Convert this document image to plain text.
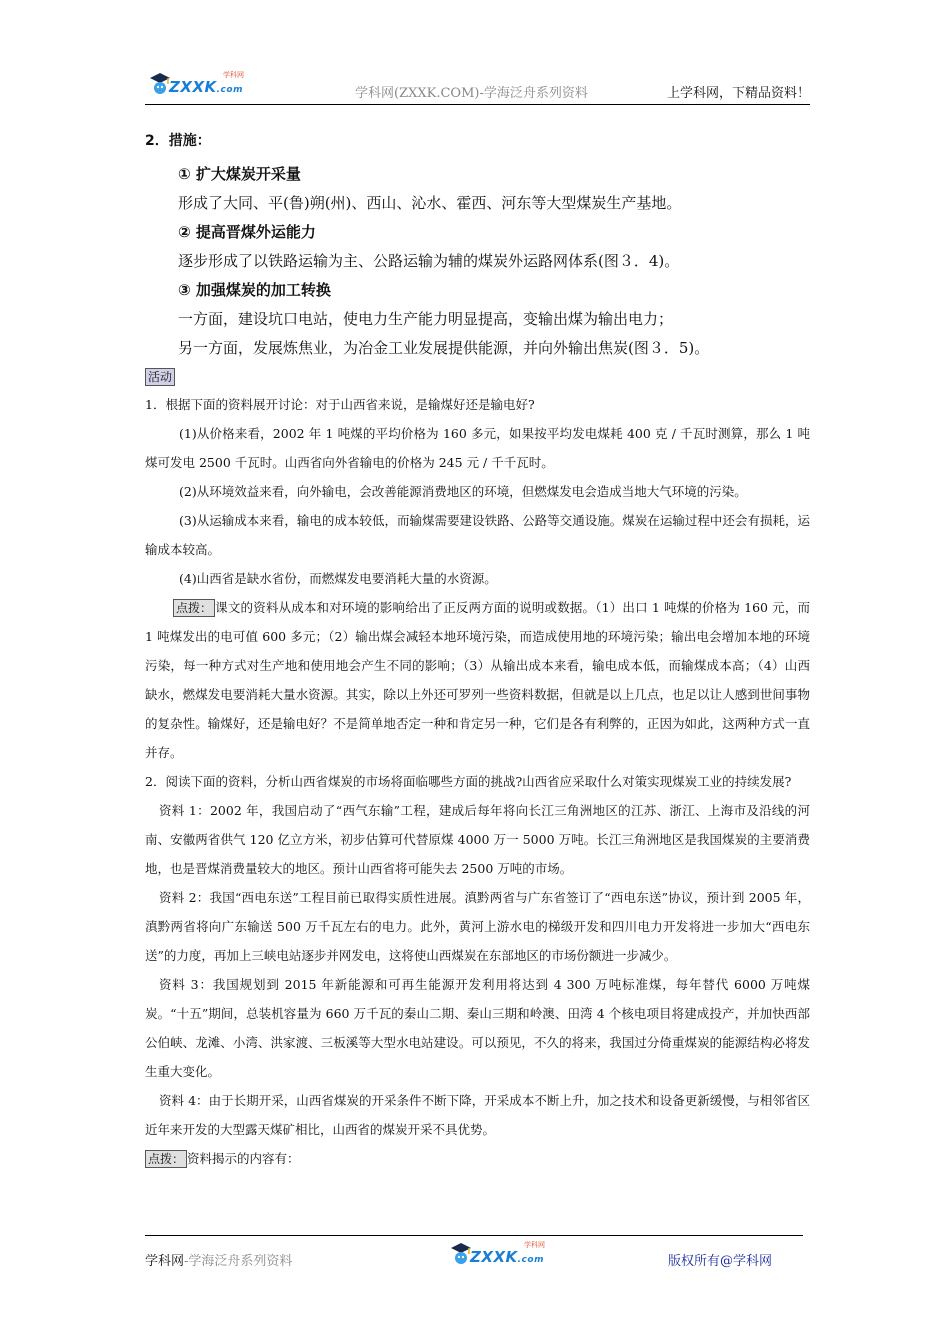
ZXXK.com
学科网
学科网(ZXXK.COM)-学海泛舟系列资料	上学科网，下精品资料！
2．措施：
① 扩大煤炭开采量
形成了大同、平(鲁)朔(州)、西山、沁水、霍西、河东等大型煤炭生产基地。
② 提高晋煤外运能力
逐步形成了以铁路运输为主、公路运输为辅的煤炭外运路网体系(图３．4)。
③ 加强煤炭的加工转换
一方面，建设坑口电站，使电力生产能力明显提高，变输出煤为输出电力；
另一方面，发展炼焦业，为冶金工业发展提供能源，并向外输出焦炭(图３．5)。
活动

1．根据下面的资料展开讨论：对于山西省来说，是输煤好还是输电好?

(1)从价格来看，2002 年 1 吨煤的平均价格为 160 多元，如果按平均发电煤耗 400 克 / 千瓦时测算，那么 1 吨煤可发电 2500 千瓦时。山西省向外省输电的价格为 245 元 / 千千瓦时。

(2)从环境效益来看，向外输电，会改善能源消费地区的环境，但燃煤发电会造成当地大气环境的污染。

(3)从运输成本来看，输电的成本较低，而输煤需要建设铁路、公路等交通设施。煤炭在运输过程中还会有损耗，运输成本较高。

(4)山西省是缺水省份，而燃煤发电要消耗大量的水资源。

点拨： 课文的资料从成本和对环境的影响给出了正反两方面的说明或数据。（1）出口 1 吨煤的价格为 160 元，而 1 吨煤发出的电可值 600 多元；（2）输出煤会减轻本地环境污染，而造成使用地的环境污染；输出电会增加本地的环境污染，每一种方式对生产地和使用地会产生不同的影响；（3）从输出成本来看，输电成本低，而输煤成本高；（4）山西缺水，燃煤发电要消耗大量水资源。其实，除以上外还可罗列一些资料数据，但就是以上几点，也足以让人感到世间事物的复杂性。输煤好，还是输电好？不是简单地否定一种和肯定另一种，它们是各有利弊的，正因为如此，这两种方式一直并存。

2．阅读下面的资料，分析山西省煤炭的市场将面临哪些方面的挑战?山西省应采取什么对策实现煤炭工业的持续发展?

资料 1：2002 年，我国启动了“西气东输”工程，建成后每年将向长江三角洲地区的江苏、浙江、上海市及沿线的河南、安徽两省供气 120 亿立方米，初步估算可代替原煤 4000 万一 5000 万吨。长江三角洲地区是我国煤炭的主要消费地，也是晋煤消费量较大的地区。预计山西省将可能失去 2500 万吨的市场。

资料 2：我国“西电东送”工程目前已取得实质性进展。滇黔两省与广东省签订了“西电东送”协议，预计到 2005 年，滇黔两省将向广东输送 500 万千瓦左右的电力。此外，黄河上游水电的梯级开发和四川电力开发将进一步加大“西电东送”的力度，再加上三峡电站逐步并网发电，这将使山西煤炭在东部地区的市场份额进一步减少。

资料 3：我国规划到 2015 年新能源和可再生能源开发利用将达到 4 300 万吨标准煤，每年替代 6000 万吨煤炭。“十五”期间，总装机容量为 660 万千瓦的秦山二期、秦山三期和岭澳、田湾 4 个核电项目将建成投产，并加快西部公伯峡、龙滩、小湾、洪家渡、三板溪等大型水电站建设。可以预见，不久的将来，我国过分倚重煤炭的能源结构必将发生重大变化。

资料 4：由于长期开采，山西省煤炭的开采条件不断下降，开采成本不断上升，加之技术和设备更新缓慢，与相邻省区近年来开发的大型露天煤矿相比，山西省的煤炭开采不具优势。

点拨： 资料揭示的内容有：

学科网-学海泛舟系列资料	ZXXK.com
学科网
版权所有@学科网
